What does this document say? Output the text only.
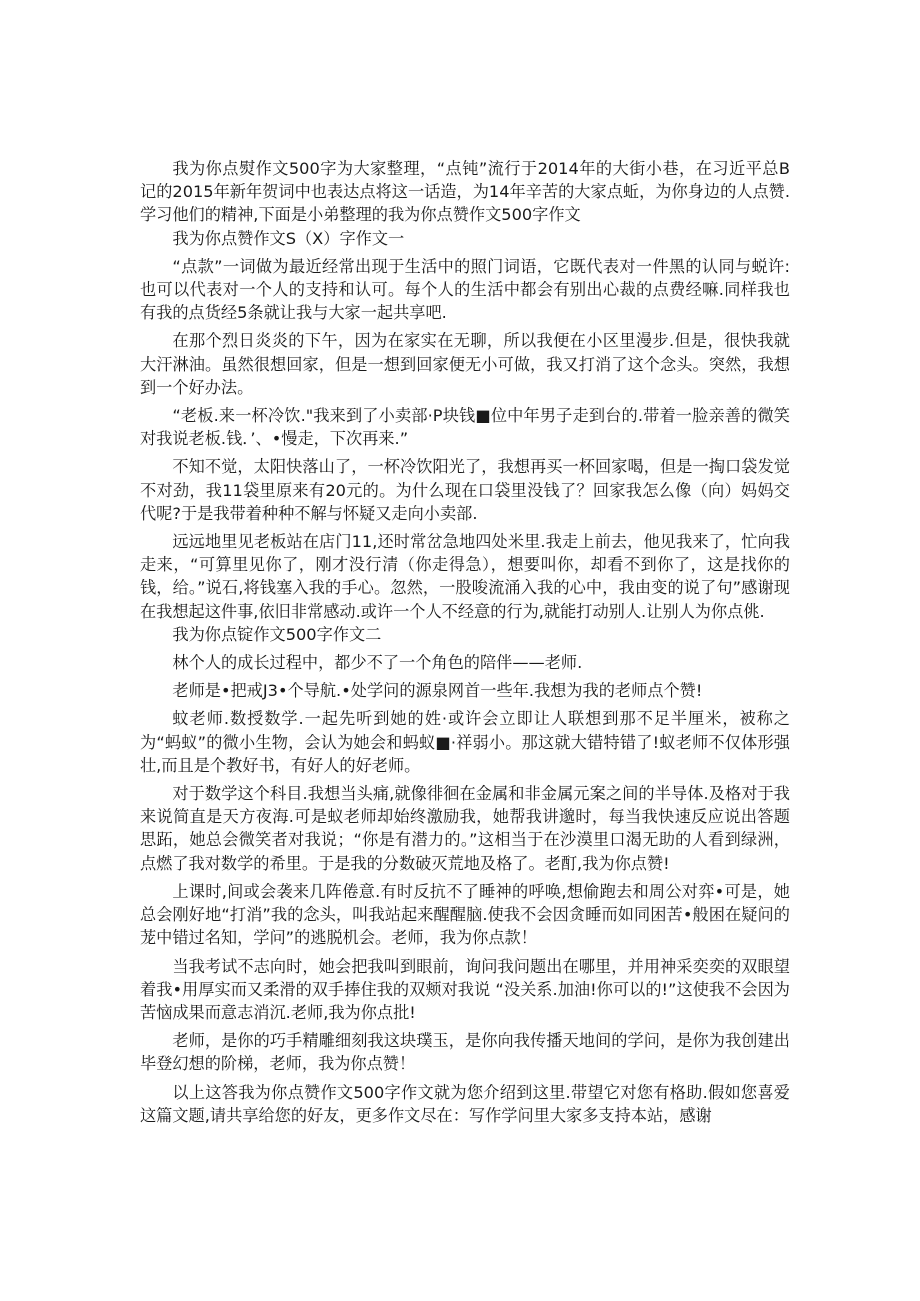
我为你点熨作文500字为大家整理，“点钝”流行于2014年的大街小巷，在习近平总B记的2015年新年贺词中也表达点将这一话造，为14年辛苦的大家点蚯，为你身边的人点赞.学习他们的精神,下面是小弟整理的我为你点赞作文500字作文

我为你点赞作文S（X）字作文一

“点款”一词做为最近经常出现于生活中的照门词语，它既代表对一件黑的认同与蜕许:也可以代表对一个人的支持和认可。每个人的生活中都会有别出心裁的点费经嘛.同样我也有我的点货经5条就让我与大家一起共享吧.

在那个烈日炎炎的下午，因为在家实在无聊，所以我便在小区里漫步.但是，很快我就大汗淋油。虽然很想回家，但是一想到回家便无小可做，我又打消了这个念头。突然，我想到一个好办法。

“老板.来一杯冷饮."我来到了小卖部·P块钱■位中年男子走到台的.带着一脸亲善的微笑对我说老板.钱．’、•慢走，下次再来.”

不知不觉，太阳快落山了，一杯冷饮阳光了，我想再买一杯回家喝，但是一掏口袋发觉不对劲，我11袋里原来有20元的。为什么现在口袋里没钱了？回家我怎么像（向）妈妈交代呢?于是我带着种种不解与怀疑又走向小卖部.

远远地里见老板站在店门11,还时常岔急地四处米里.我走上前去，他见我来了，忙向我走来，“可算里见你了，刚才没行清（你走得急），想要叫你，却看不到你了，这是找你的钱，给。”说石,将钱塞入我的手心。忽然，一股唆流涌入我的心中，我由变的说了句”感谢现在我想起这件事,依旧非常感动.或许一个人不经意的行为,就能打动别人.让别人为你点佻.

我为你点锭作文500字作文二

林个人的成长过程中，都少不了一个角色的陪伴——老师.

老师是•把戒J3•个导航.•处学问的源泉网首一些年.我想为我的老师点个赞!

蚊老师.数授数学.一起先听到她的姓·或许会立即让人联想到那不足半厘米，被称之为“蚂蚁”的微小生物，会认为她会和蚂蚁■·祥弱小。那这就大错特错了!蚁老师不仅体形强壮,而且是个教好书，有好人的好老师。

对于数学这个科目.我想当头痛,就像徘徊在金属和非金属元案之间的半导体.及格对于我来说简直是天方夜海.可是蚁老师却始终激励我，她帮我讲邈时，每当我快速反应说出答题思跖，她总会微笑者对我说；“你是有潜力的。”这相当于在沙漠里口渴无助的人看到绿洲，点燃了我对数学的希里。于是我的分数破灭荒地及格了。老酊,我为你点赞!

上课时,间或会袭来几阵倦意.有时反抗不了睡神的呼唤,想偷跑去和周公对弈•可是，她总会刚好地“打消”我的念头，叫我站起来醒醒脑.使我不会因贪睡而如同困苦•般困在疑问的茏中错过名知，学问”的逃脱机会。老师，我为你点款！

当我考试不志向时，她会把我叫到眼前，询问我问题出在哪里，并用神采奕奕的双眼望着我•用厚实而又柔滑的双手捧住我的双颊对我说 “没关系.加油!你可以的!”这使我不会因为苦恼成果而意志消沉.老师,我为你点批!

老师，是你的巧手精雕细刻我这块璞玉，是你向我传播天地间的学问，是你为我创建出毕登幻想的阶梯，老师，我为你点赞！

以上这答我为你点赞作文500字作文就为您介绍到这里.带望它对您有格助.假如您喜爱这篇文题,请共享给您的好友，更多作文尽在：写作学问里大家多支持本站，感谢
